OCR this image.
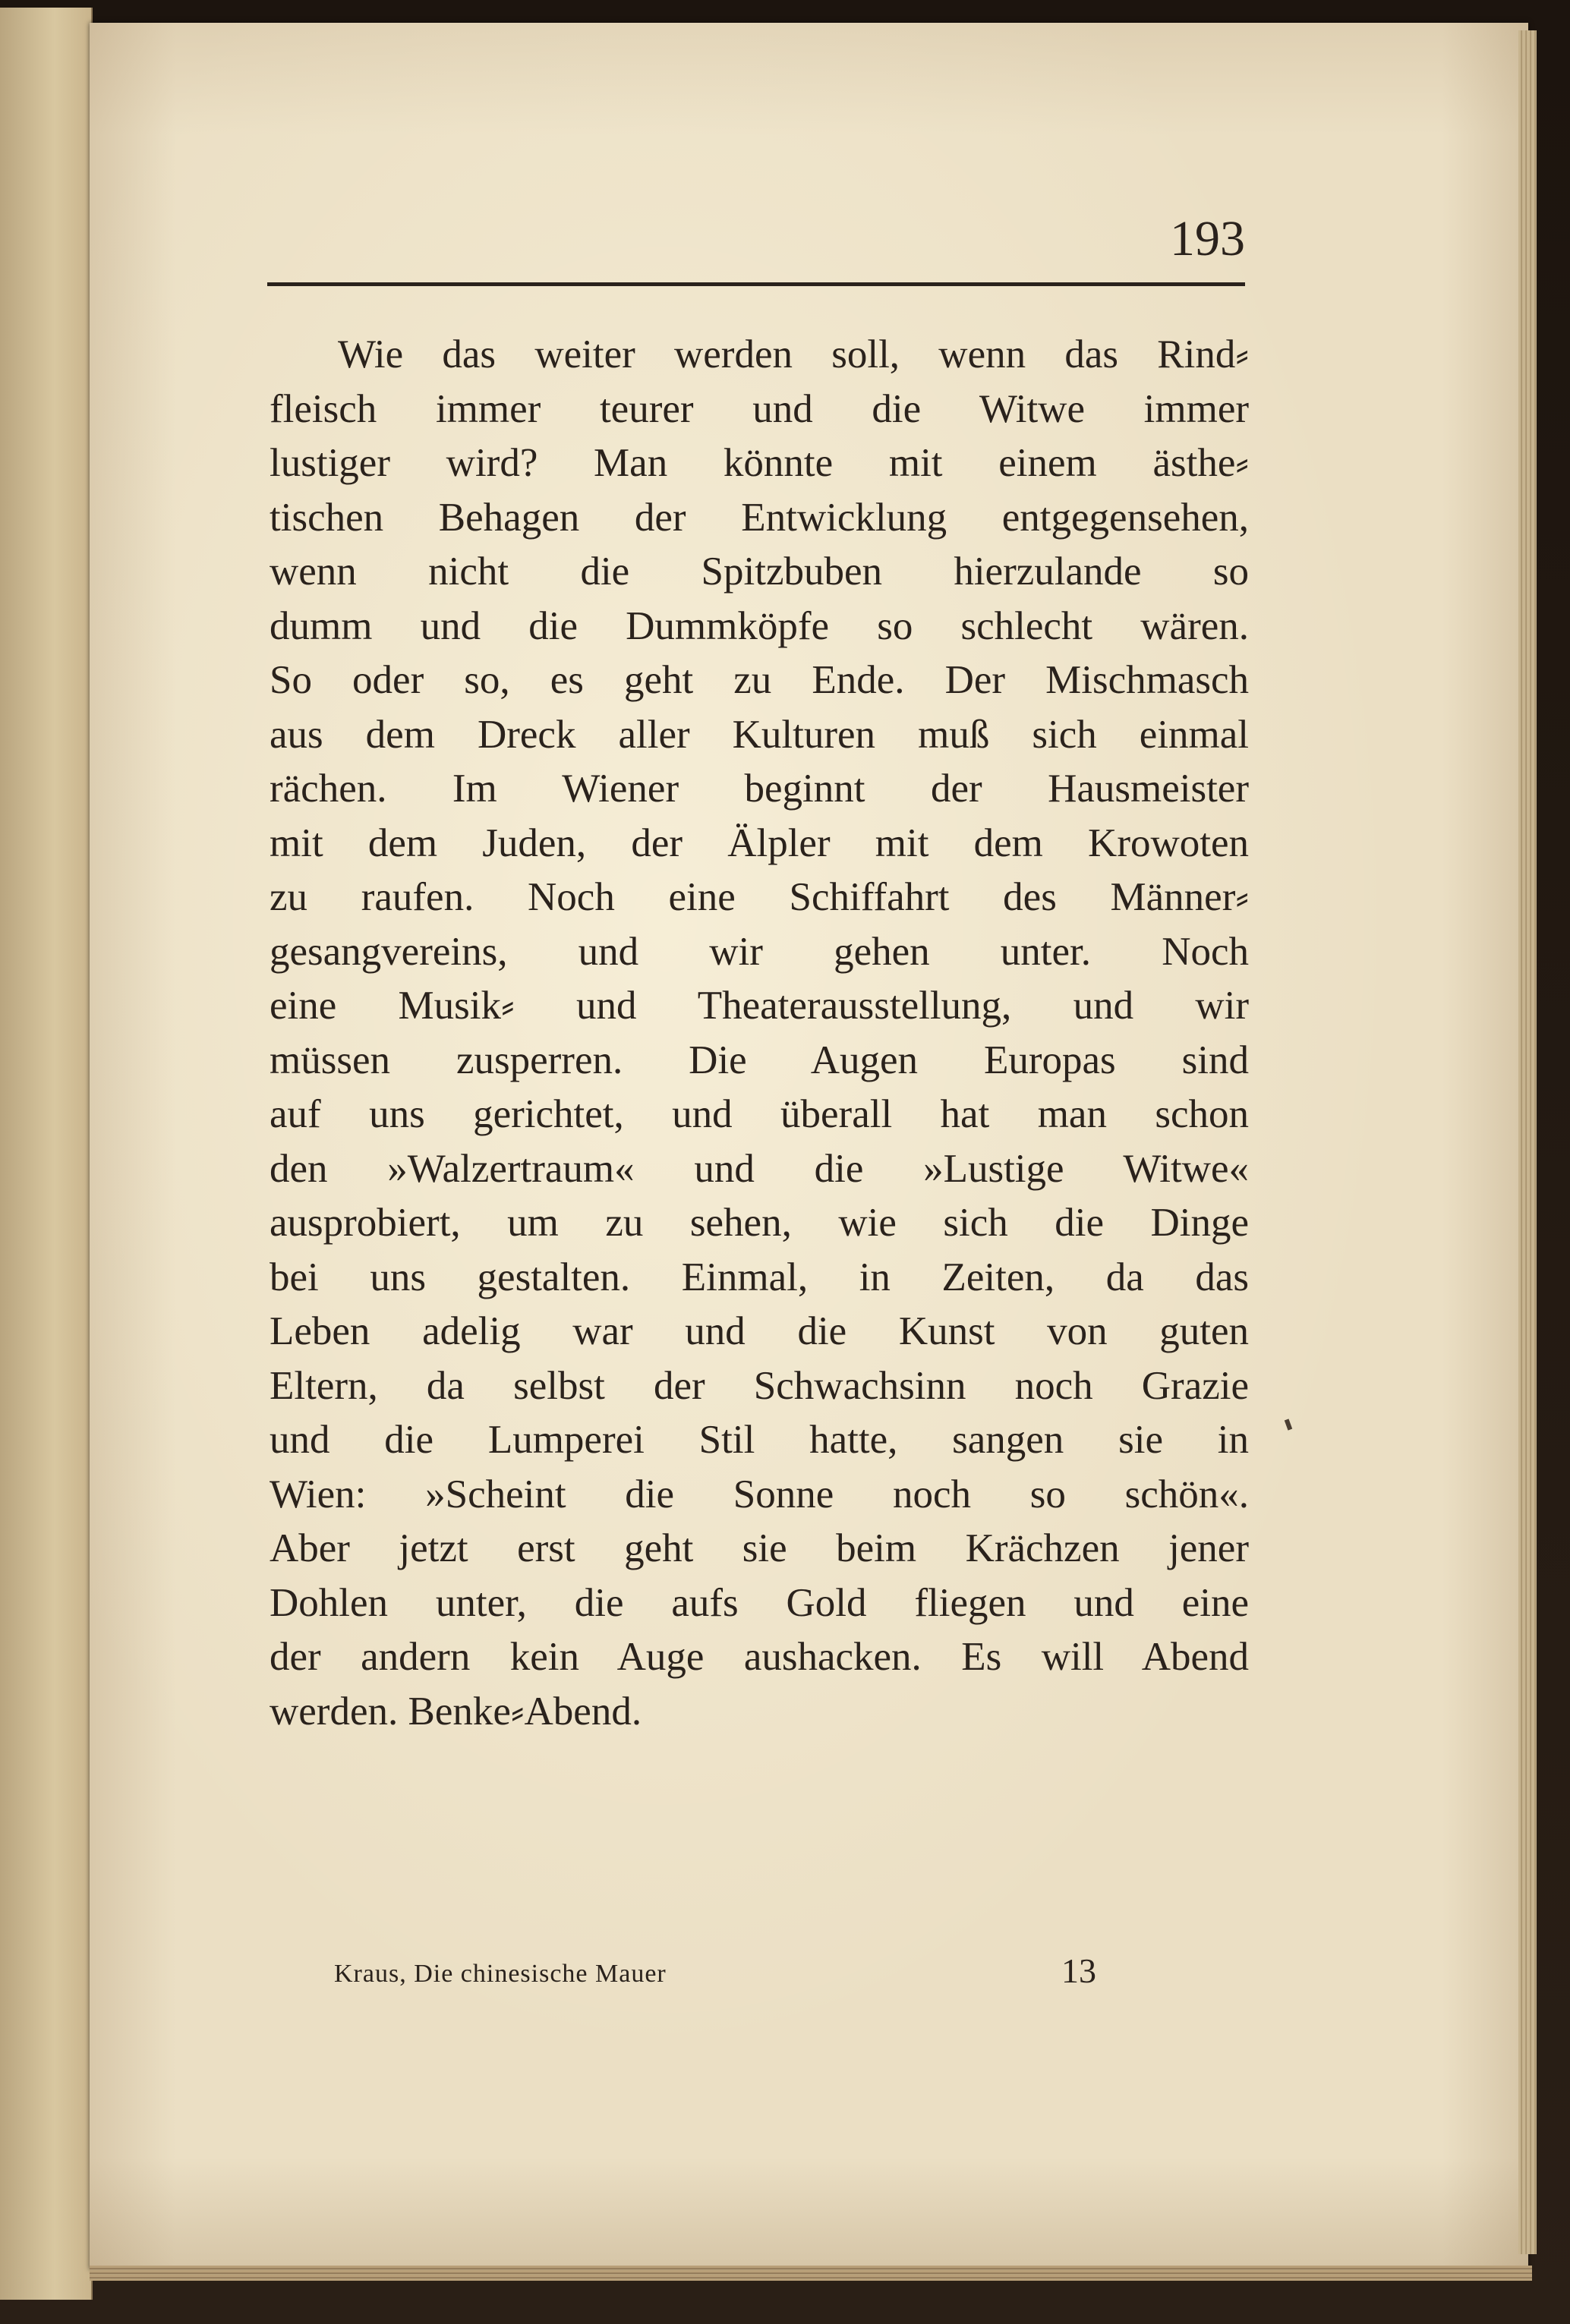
193

Wie das weiter werden soll, wenn das Rind⸗
fleisch immer teurer und die Witwe immer
lustiger wird? Man könnte mit einem ästhe⸗
tischen Behagen der Entwicklung entgegensehen,
wenn nicht die Spitzbuben hierzulande so
dumm und die Dummköpfe so schlecht wären.
So oder so, es geht zu Ende. Der Mischmasch
aus dem Dreck aller Kulturen muß sich einmal
rächen. Im Wiener beginnt der Hausmeister
mit dem Juden, der Älpler mit dem Krowoten
zu raufen. Noch eine Schiffahrt des Männer⸗
gesangvereins, und wir gehen unter. Noch
eine Musik⸗ und Theaterausstellung, und wir
müssen zusperren. Die Augen Europas sind
auf uns gerichtet, und überall hat man schon
den »Walzertraum« und die »Lustige Witwe«
ausprobiert, um zu sehen, wie sich die Dinge
bei uns gestalten. Einmal, in Zeiten, da das
Leben adelig war und die Kunst von guten
Eltern, da selbst der Schwachsinn noch Grazie
und die Lumperei Stil hatte, sangen sie in
Wien: »Scheint die Sonne noch so schön«.
Aber jetzt erst geht sie beim Krächzen jener
Dohlen unter, die aufs Gold fliegen und eine
der andern kein Auge aushacken. Es will Abend
werden. Benke⸗Abend.
Kraus, Die chinesische Mauer	13
